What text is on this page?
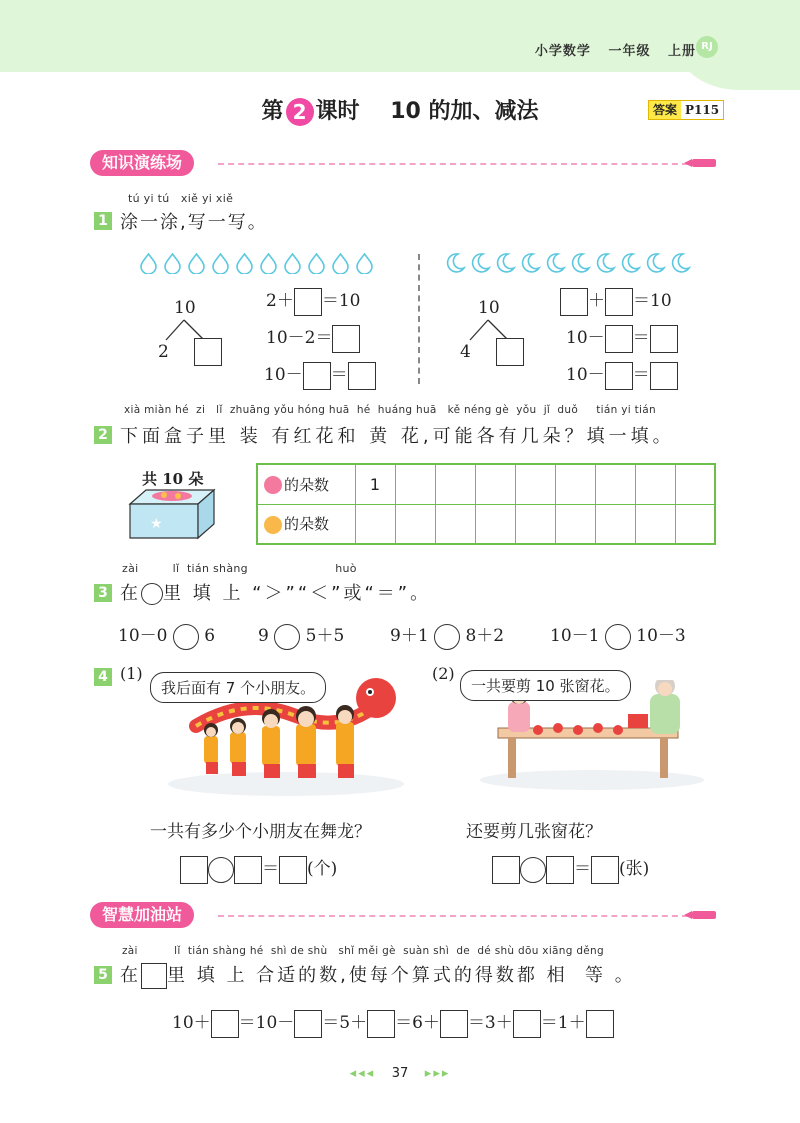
小学数学 一年级 上册 RJ
第 2 课时 10 的加、减法	答案 P115
知识演练场
tú yi tú   xiě yi xiě
1 涂一涂,写一写。
10
2
2＋ ＝10
10－2＝
10－ ＝
10
4
＋ ＝10
10－ ＝
10－ ＝
xià miàn hé  zi   lǐ  zhuāng yǒu hóng huā  hé  huáng huā   kě néng gè  yǒu  jǐ  duǒ     tián yi tián
2 下面盒子里 装 有红花和 黄 花,可能各有几朵？填一填。
共 10 朵
★
的朵数	1								
的朵数									
zài         lǐ  tián shàng                       huò
3 在 里 填 上 “＞”“＜”或“＝”。
10－0 6	9 5＋5	9＋1 8＋2	10－1 10－3
4 (1)	(2)
我后面有 7 个小朋友。	一共要剪 10 张窗花。
一共有多少个小朋友在舞龙？	还要剪几张窗花？
＝ (个)	＝ (张)
智慧加油站
zài          lǐ  tián shàng hé  shì de shù   shǐ měi gè  suàn shì  de  dé shù dōu xiāng děng
5 在 里 填 上 合适的数,使每个算式的得数都 相  等 。
10＋ ＝10－ ＝5＋ ＝6＋ ＝3＋ ＝1＋
◂◂◂ 37 ▸▸▸
